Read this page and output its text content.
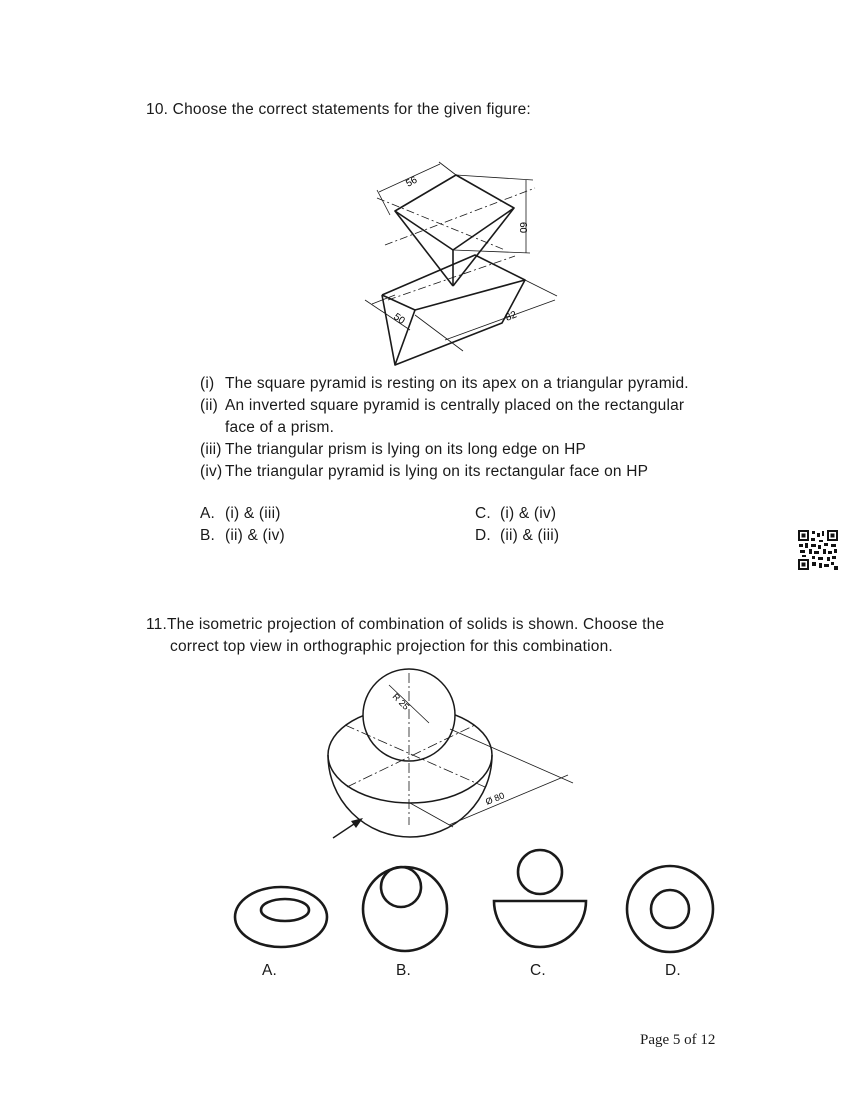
10. Choose the correct statements for the given figure:
56
60
50	82
(i) The square pyramid is resting on its apex on a triangular pyramid.
(ii) An inverted square pyramid is centrally placed on the rectangular
face of a prism.
(iii) The triangular prism is lying on its long edge on HP
(iv) The triangular pyramid is lying on its rectangular face on HP
A. (i) & (iii)
B. (ii) & (iv)
C. (i) & (iv)
D. (ii) & (iii)
11.The isometric projection of combination of solids is shown. Choose the
correct top view in orthographic projection for this combination.
R 25
Ø 80
A.	B.	C.	D.
Page 5 of 12
